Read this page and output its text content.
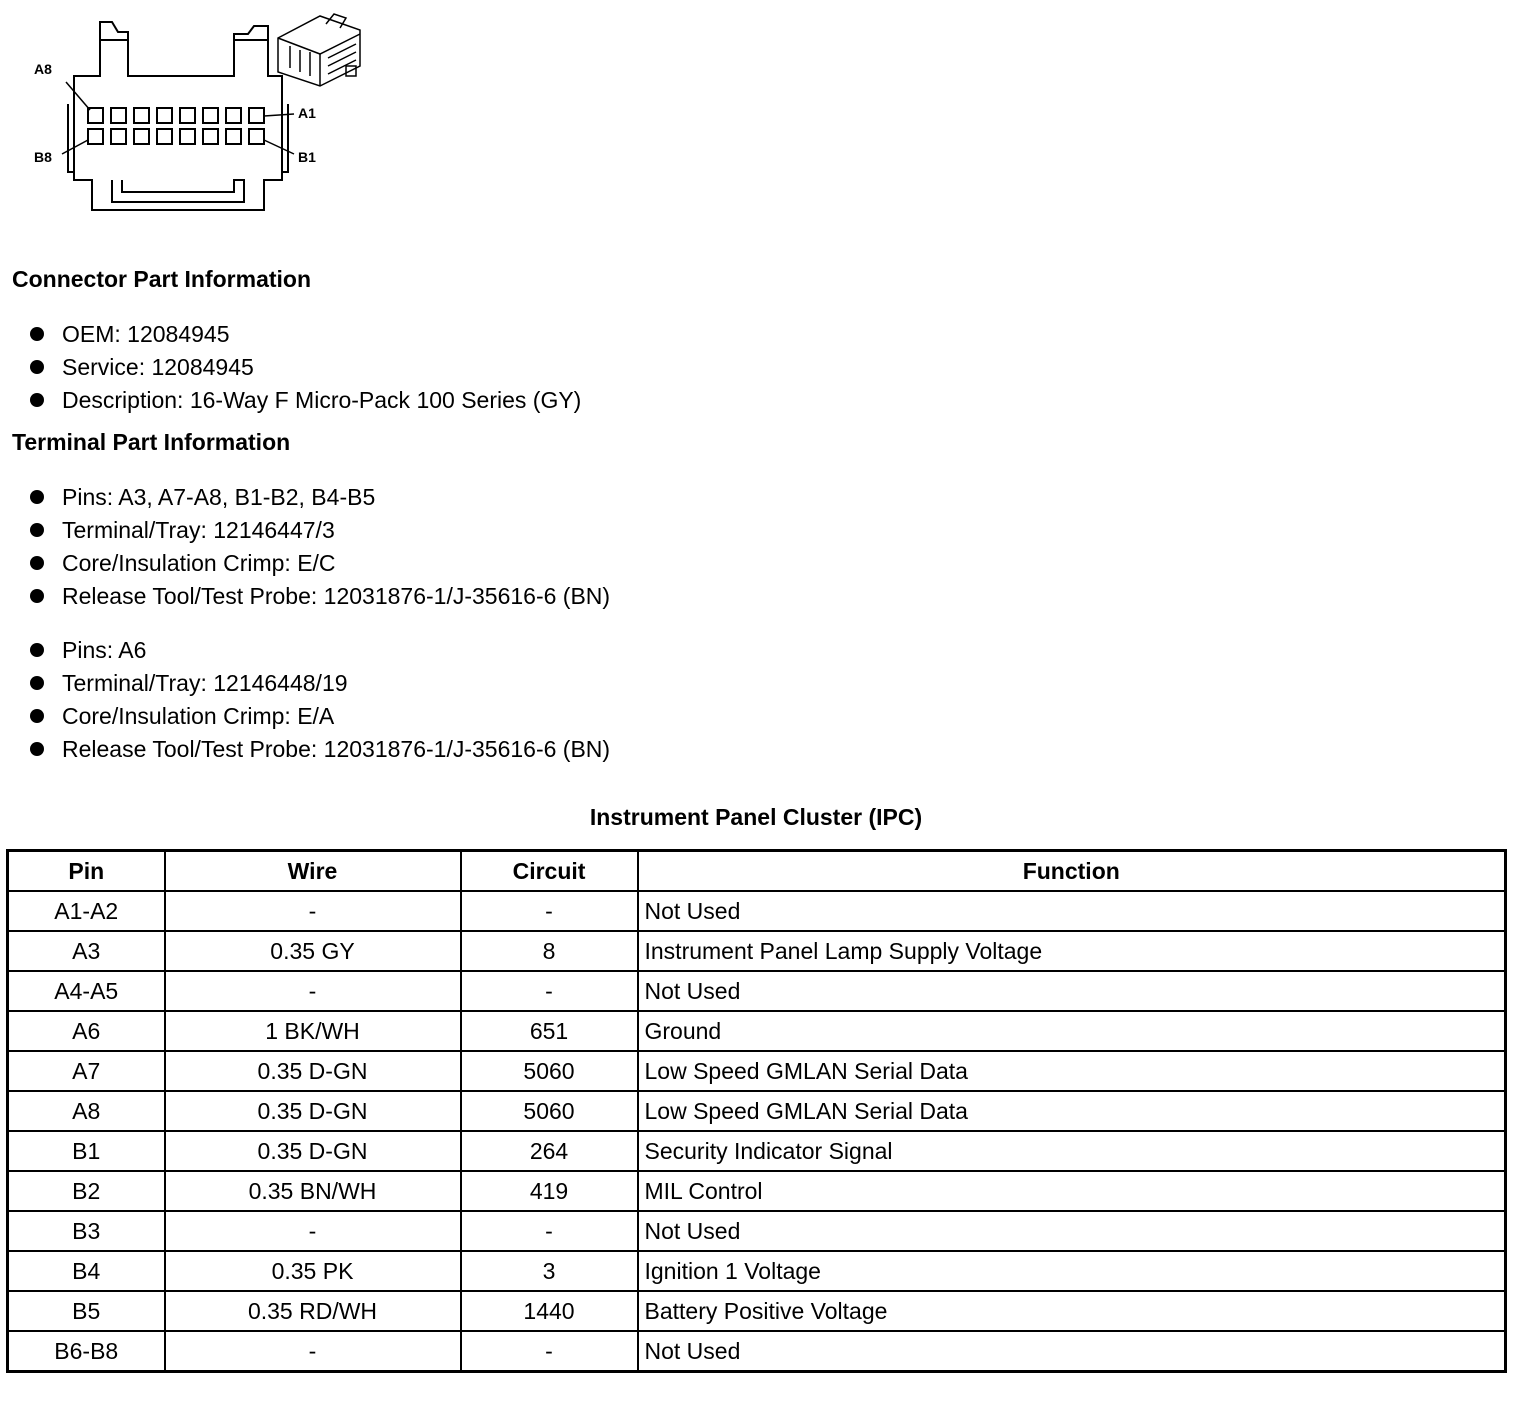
A8
A1
B8	B1
Connector Part Information
OEM: 12084945
Service: 12084945
Description: 16-Way F Micro-Pack 100 Series (GY)
Terminal Part Information
Pins: A3, A7-A8, B1-B2, B4-B5
Terminal/Tray: 12146447/3
Core/Insulation Crimp: E/C
Release Tool/Test Probe: 12031876-1/J-35616-6 (BN)
Pins: A6
Terminal/Tray: 12146448/19
Core/Insulation Crimp: E/A
Release Tool/Test Probe: 12031876-1/J-35616-6 (BN)
Instrument Panel Cluster (IPC)
Pin	Wire	Circuit	Function
A1-A2	-	-	Not Used
A3	0.35 GY	8	Instrument Panel Lamp Supply Voltage
A4-A5	-	-	Not Used
A6	1 BK/WH	651	Ground
A7	0.35 D-GN	5060	Low Speed GMLAN Serial Data
A8	0.35 D-GN	5060	Low Speed GMLAN Serial Data
B1	0.35 D-GN	264	Security Indicator Signal
B2	0.35 BN/WH	419	MIL Control
B3	-	-	Not Used
B4	0.35 PK	3	Ignition 1 Voltage
B5	0.35 RD/WH	1440	Battery Positive Voltage
B6-B8	-	-	Not Used
